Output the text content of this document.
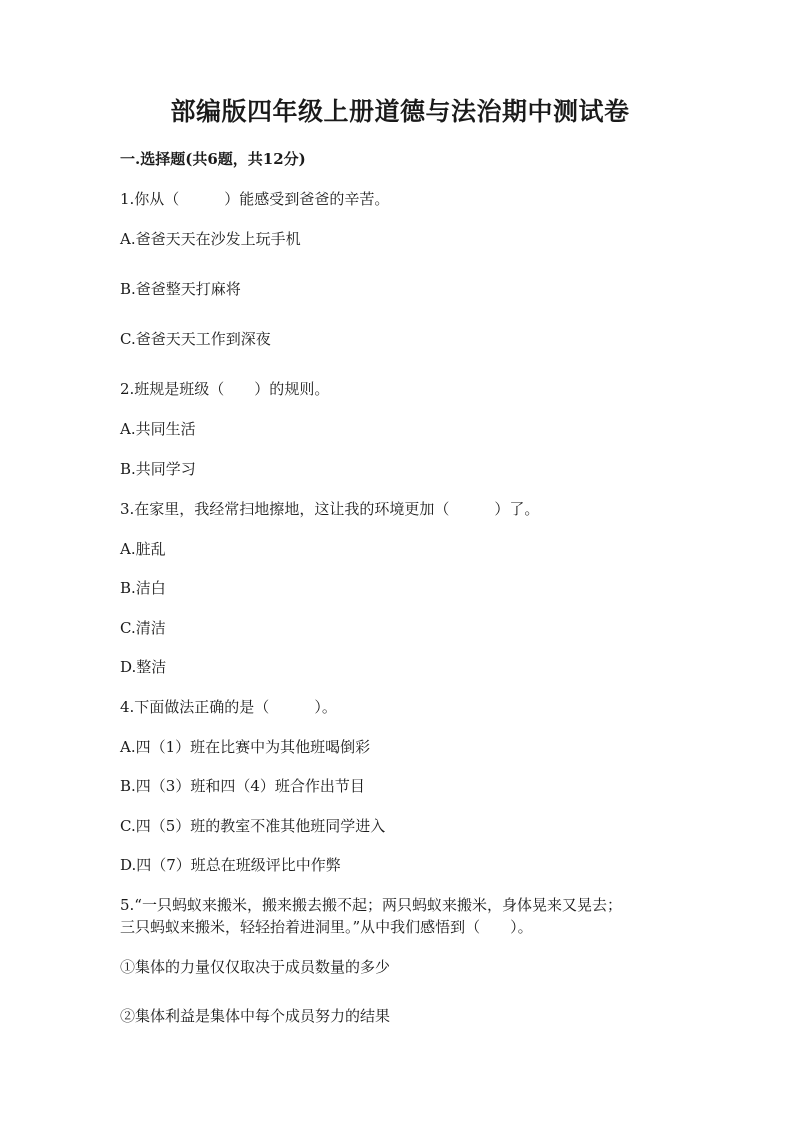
部编版四年级上册道德与法治期中测试卷
一.选择题(共6题，共12分)
1.你从（　　　）能感受到爸爸的辛苦。
A.爸爸天天在沙发上玩手机
B.爸爸整天打麻将
C.爸爸天天工作到深夜
2.班规是班级（　　）的规则。
A.共同生活
B.共同学习
3.在家里，我经常扫地擦地，这让我的环境更加（　　　）了。
A.脏乱
B.洁白
C.清洁
D.整洁
4.下面做法正确的是（　　　）。
A.四（1）班在比赛中为其他班喝倒彩
B.四（3）班和四（4）班合作出节目
C.四（5）班的教室不准其他班同学进入
D.四（7）班总在班级评比中作弊
5.“一只蚂蚁来搬米，搬来搬去搬不起；两只蚂蚁来搬米，身体晃来又晃去；
三只蚂蚁来搬米，轻轻抬着进洞里。”从中我们感悟到（　　）。
①集体的力量仅仅取决于成员数量的多少
②集体利益是集体中每个成员努力的结果
